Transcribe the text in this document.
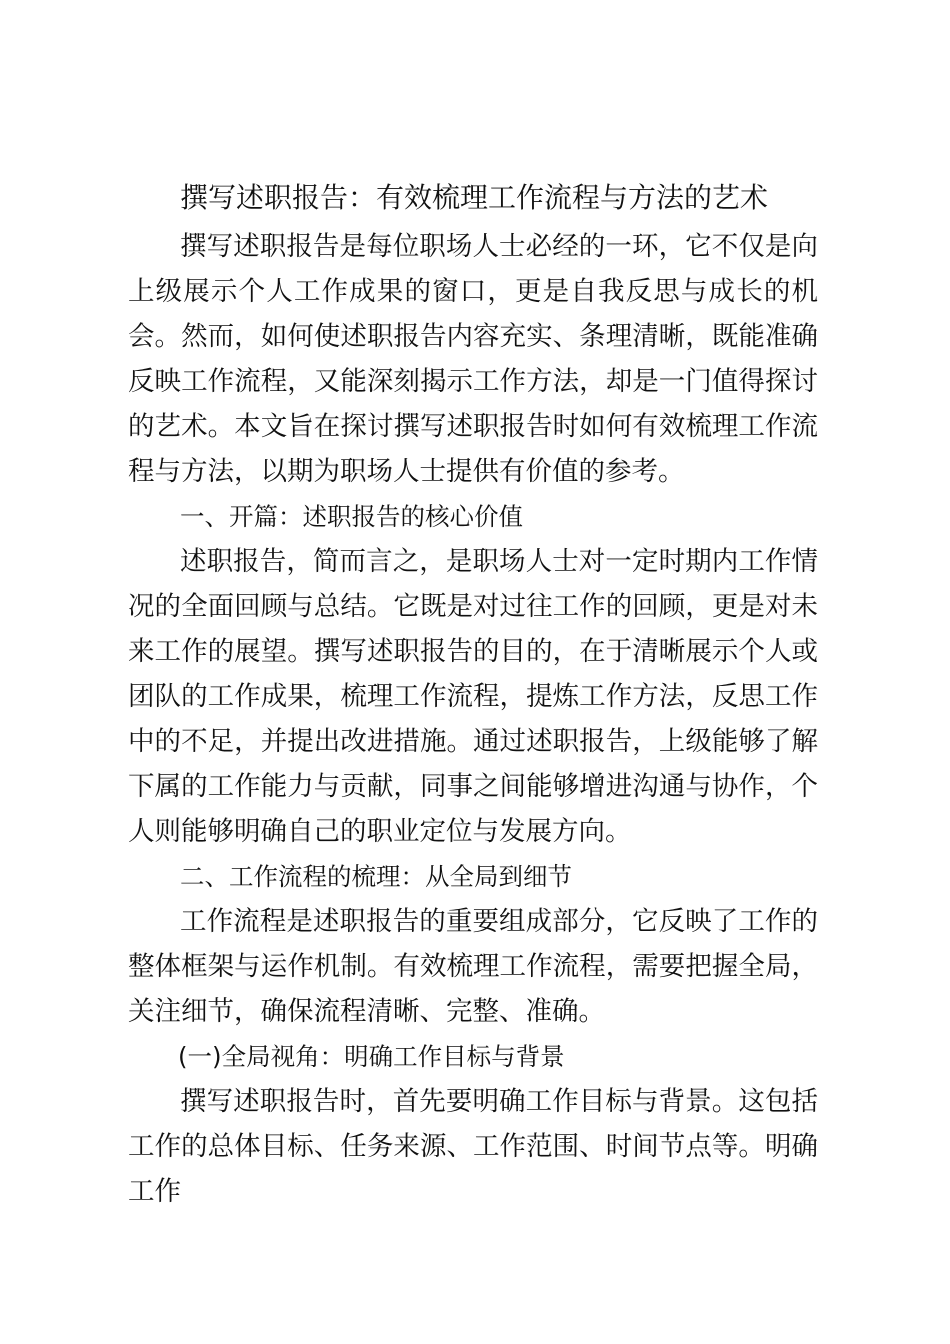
撰写述职报告：有效梳理工作流程与方法的艺术

撰写述职报告是每位职场人士必经的一环，它不仅是向上级展示个人工作成果的窗口，更是自我反思与成长的机会。然而，如何使述职报告内容充实、条理清晰，既能准确反映工作流程，又能深刻揭示工作方法，却是一门值得探讨的艺术。本文旨在探讨撰写述职报告时如何有效梳理工作流程与方法，以期为职场人士提供有价值的参考。

一、开篇：述职报告的核心价值

述职报告，简而言之，是职场人士对一定时期内工作情况的全面回顾与总结。它既是对过往工作的回顾，更是对未来工作的展望。撰写述职报告的目的，在于清晰展示个人或团队的工作成果，梳理工作流程，提炼工作方法，反思工作中的不足，并提出改进措施。通过述职报告，上级能够了解下属的工作能力与贡献，同事之间能够增进沟通与协作，个人则能够明确自己的职业定位与发展方向。

二、工作流程的梳理：从全局到细节

工作流程是述职报告的重要组成部分，它反映了工作的整体框架与运作机制。有效梳理工作流程，需要把握全局，关注细节，确保流程清晰、完整、准确。

(一)全局视角：明确工作目标与背景

撰写述职报告时，首先要明确工作目标与背景。这包括工作的总体目标、任务来源、工作范围、时间节点等。明确工作
